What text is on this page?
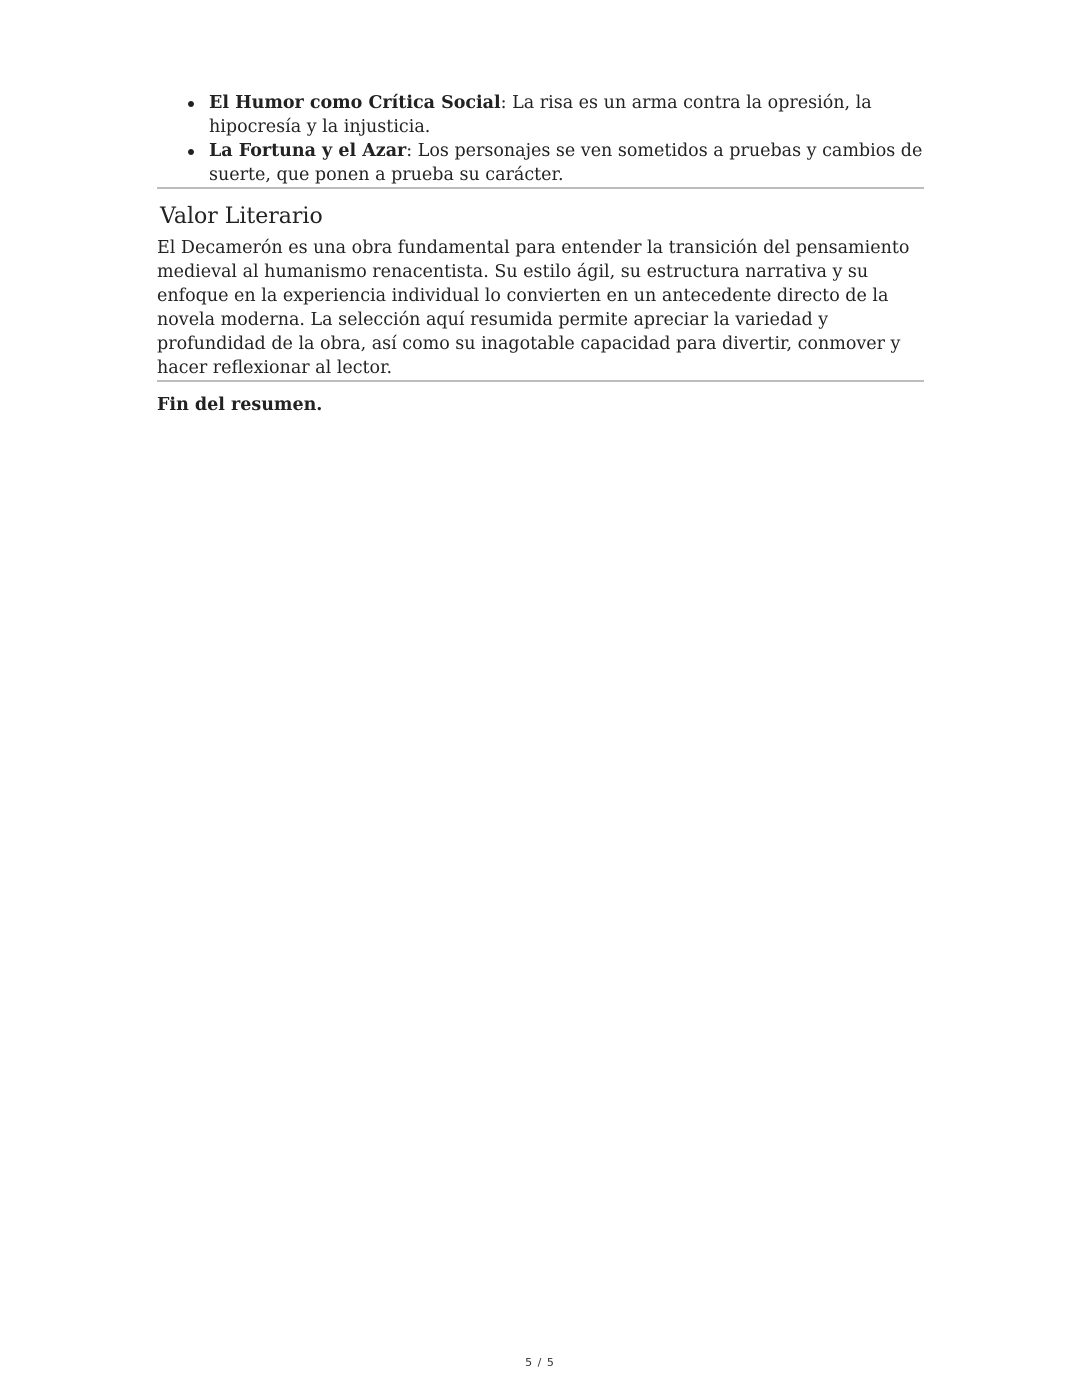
El Humor como Crítica Social: La risa es un arma contra la opresión, la hipocresía y la injusticia.
La Fortuna y el Azar: Los personajes se ven sometidos a pruebas y cambios de suerte, que ponen a prueba su carácter.
Valor Literario

El Decamerón es una obra fundamental para entender la transición del pensamiento medieval al humanismo renacentista. Su estilo ágil, su estructura narrativa y su enfoque en la experiencia individual lo convierten en un antecedente directo de la novela moderna. La selección aquí resumida permite apreciar la variedad y profundidad de la obra, así como su inagotable capacidad para divertir, conmover y hacer reflexionar al lector.

Fin del resumen.

5 / 5
